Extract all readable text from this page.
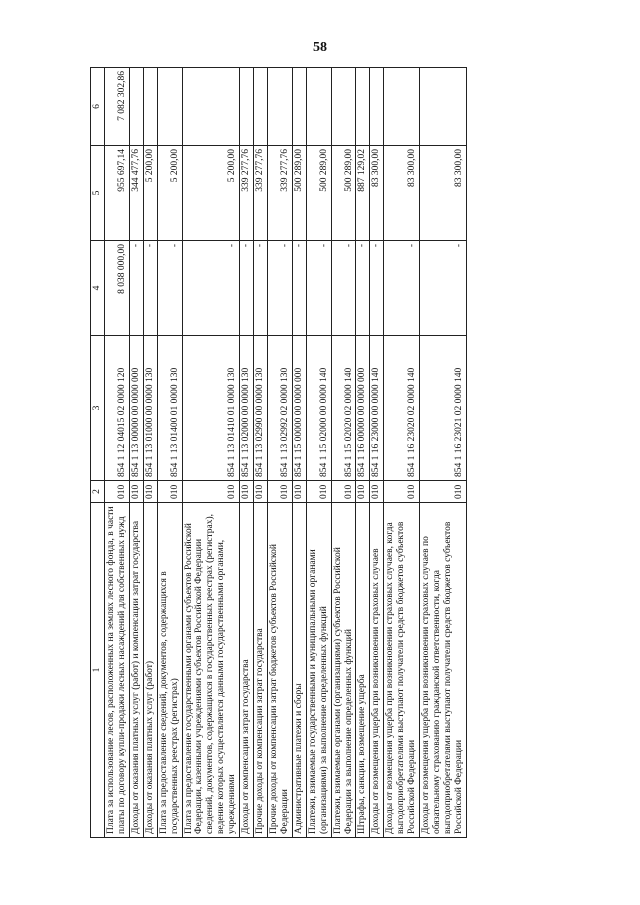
58
1	2	3	4	5	6
Плата за использование лесов, расположенных на землях лесного фонда, в части платы по договору купли-продажи лесных насаждений для собственных нужд	010	854 1 12 04015 02 0000 120	8 038 000,00	955 697,14	7 082 302,86
Доходы от оказания платных услуг (работ) и компенсации затрат государства	010	854 1 13 00000 00 0000 000	-	344 477,76	
Доходы от оказания платных услуг (работ)	010	854 1 13 01000 00 0000 130	-	5 200,00	
Плата за предоставление сведений, документов, содержащихся в государственных реестрах (регистрах)	010	854 1 13 01400 01 0000 130	-	5 200,00	
Плата за предоставление государственными органами субъектов Российской Федерации, казенными учреждениями субъектов Российской Федерации сведений, документов, содержащихся в государственных реестрах (регистрах), ведение которых осуществляется данными государственными органами, учреждениями	010	854 1 13 01410 01 0000 130	-	5 200,00	
Доходы от компенсации затрат государства	010	854 1 13 02000 00 0000 130	-	339 277,76	
Прочие доходы от компенсации затрат государства	010	854 1 13 02990 00 0000 130	-	339 277,76	
Прочие доходы от компенсации затрат бюджетов субъектов Российской Федерации	010	854 1 13 02992 02 0000 130	-	339 277,76	
Административные платежи и сборы	010	854 1 15 00000 00 0000 000	-	500 289,00	
Платежи, взимаемые государственными и муниципальными органами (организациями) за выполнение определенных функций	010	854 1 15 02000 00 0000 140	-	500 289,00	
Платежи, взимаемые органами (организациями) субъектов Российской Федерации за выполнение определенных функций	010	854 1 15 02020 02 0000 140	-	500 289,00	
Штрафы, санкции, возмещение ущерба	010	854 1 16 00000 00 0000 000	-	887 129,02	
Доходы от возмещения ущерба при возникновении страховых случаев	010	854 1 16 23000 00 0000 140	-	83 300,00	
Доходы от возмещения ущерба при возникновении страховых случаев, когда выгодоприобретателями выступают получатели средств бюджетов субъектов Российской Федерации	010	854 1 16 23020 02 0000 140	-	83 300,00	
Доходы от возмещения ущерба при возникновении страховых случаев по обязательному страхованию гражданской ответственности, когда выгодоприобретателями выступают получатели средств бюджетов субъектов Российской Федерации	010	854 1 16 23021 02 0000 140	-	83 300,00	
